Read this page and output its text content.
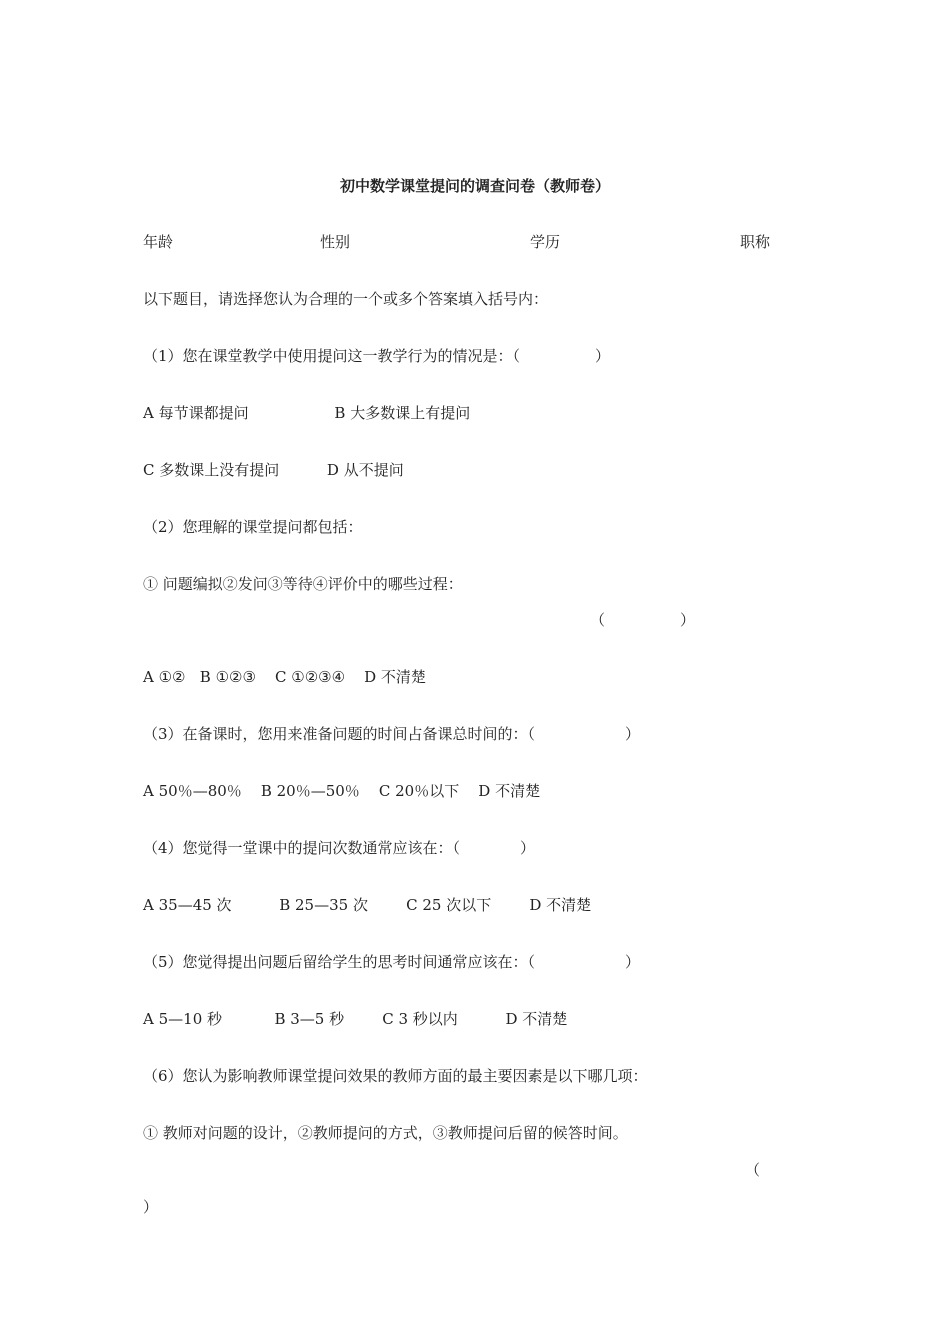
初中数学课堂提问的调查问卷（教师卷）
年龄	性别	学历	职称
以下题目，请选择您认为合理的一个或多个答案填入括号内：
（1）您在课堂教学中使用提问这一教学行为的情况是：（　　　　　）
A 每节课都提问                  B 大多数课上有提问
C 多数课上没有提问          D 从不提问
（2）您理解的课堂提问都包括：
① 问题编拟②发问③等待④评价中的哪些过程：
（　　　　　）
A ①②   B ①②③    C ①②③④    D 不清楚
（3）在备课时，您用来准备问题的时间占备课总时间的：（　　　　　　）
A 50％—80％    B 20％—50％    C 20％以下    D 不清楚
（4）您觉得一堂课中的提问次数通常应该在：（　　　　）
A 35—45 次          B 25—35 次        C 25 次以下        D 不清楚
（5）您觉得提出问题后留给学生的思考时间通常应该在：（　　　　　　）
A 5—10 秒           B 3—5 秒        C 3 秒以内          D 不清楚
（6）您认为影响教师课堂提问效果的教师方面的最主要因素是以下哪几项：
① 教师对问题的设计，②教师提问的方式，③教师提问后留的候答时间。
（
）
